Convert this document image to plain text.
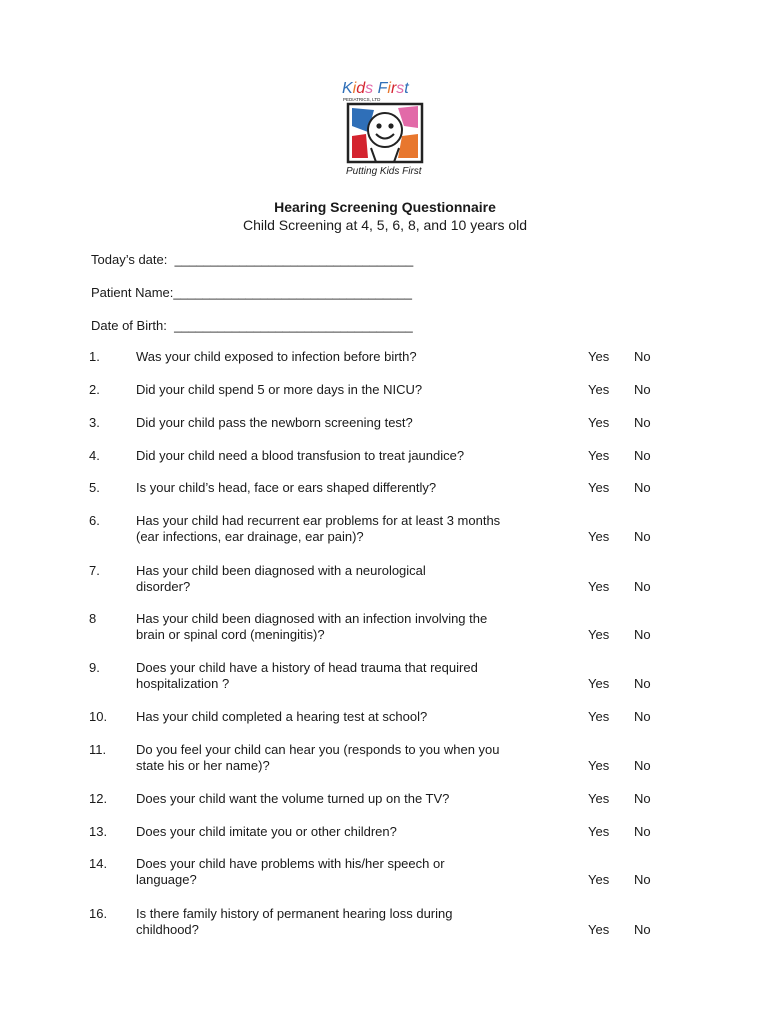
Kids First
PEDIATRICS, LTD
Putting Kids First
Hearing Screening Questionnaire
Child Screening at 4, 5, 6, 8, and 10 years old
Today’s date: _________________________________
Patient Name:_________________________________
Date of Birth: _________________________________
1.	Was your child exposed to infection before birth?	Yes No
2.	Did your child spend 5 or more days in the NICU?	Yes No
3.	Did your child pass the newborn screening test?	Yes No
4.	Did your child need a blood transfusion to treat jaundice?	Yes No
5.	Is your child’s head, face or ears shaped differently?	Yes No
6.	Has your child had recurrent ear problems for at least 3 months (ear infections, ear drainage, ear pain)?	Yes No
7.	Has your child been diagnosed with a neurological disorder?	Yes No
8	Has your child been diagnosed with an infection involving the brain or spinal cord (meningitis)?	Yes No
9.	Does your child have a history of head trauma that required hospitalization ?	Yes No
10. Has your child completed a hearing test at school?	Yes No
11. Do you feel your child can hear you (responds to you when you state his or her name)?	Yes No
12. Does your child want the volume turned up on the TV?	Yes No
13. Does your child imitate you or other children?	Yes No
14. Does your child have problems with his/her speech or language?	Yes No
16. Is there family history of permanent hearing loss during childhood?	Yes No
